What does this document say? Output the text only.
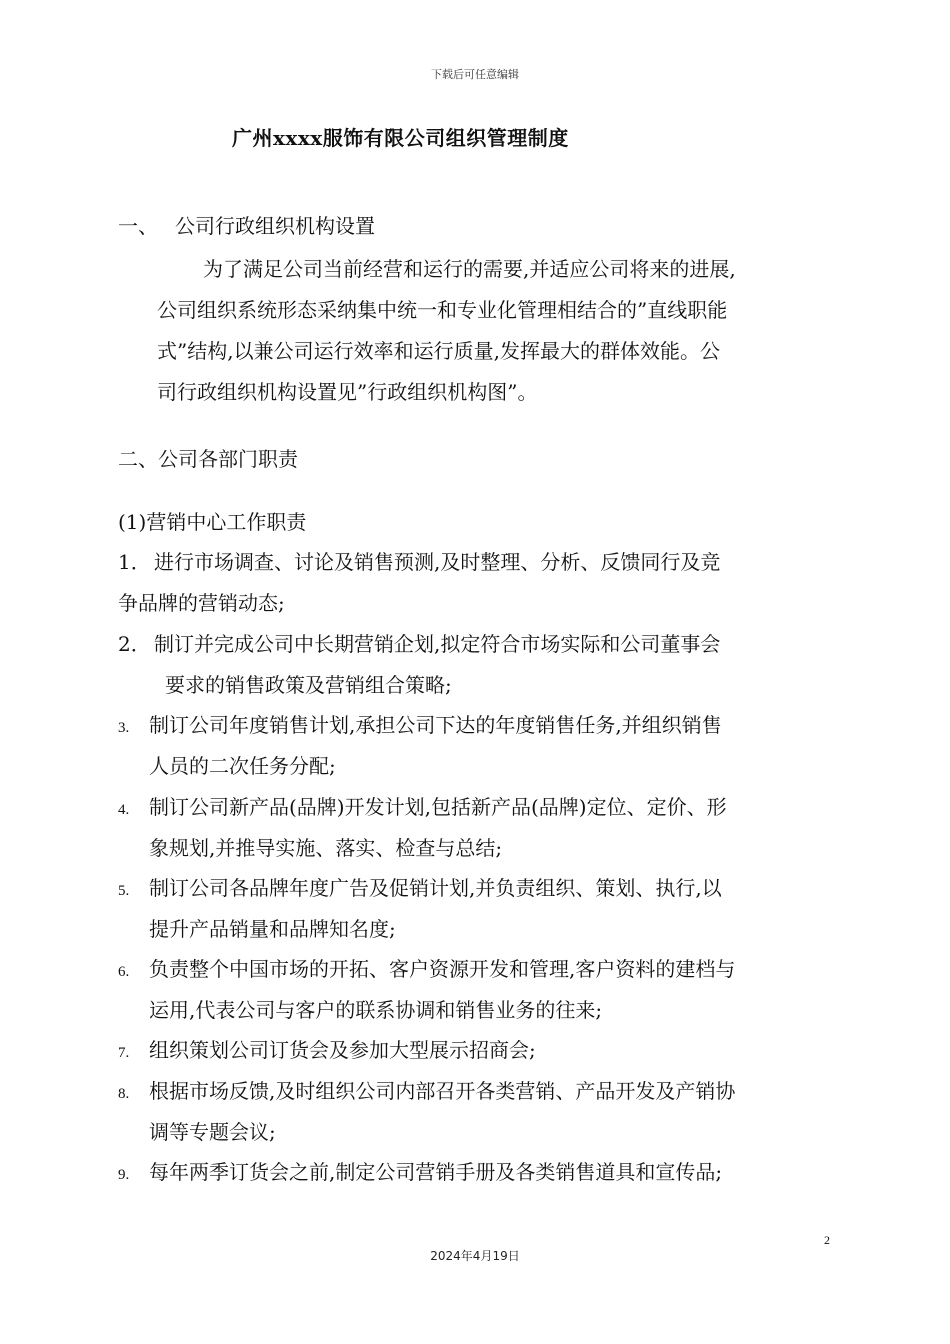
下载后可任意编辑
广州xxxx服饰有限公司组织管理制度
一、 公司行政组织机构设置
为了满足公司当前经营和运行的需要,并适应公司将来的进展,
公司组织系统形态采纳集中统一和专业化管理相结合的”直线职能
式”结构,以兼公司运行效率和运行质量,发挥最大的群体效能。公
司行政组织机构设置见”行政组织机构图”。
二、公司各部门职责
(1)营销中心工作职责
1． 进行市场调查、讨论及销售预测,及时整理、分析、反馈同行及竞
争品牌的营销动态;
2． 制订并完成公司中长期营销企划,拟定符合市场实际和公司董事会
要求的销售政策及营销组合策略;
3. 制订公司年度销售计划,承担公司下达的年度销售任务,并组织销售
人员的二次任务分配;
4. 制订公司新产品(品牌)开发计划,包括新产品(品牌)定位、定价、形
象规划,并推导实施、落实、检查与总结;
5. 制订公司各品牌年度广告及促销计划,并负责组织、策划、执行,以
提升产品销量和品牌知名度;
6. 负责整个中国市场的开拓、客户资源开发和管理,客户资料的建档与
运用,代表公司与客户的联系协调和销售业务的往来;
7. 组织策划公司订货会及参加大型展示招商会;
8. 根据市场反馈,及时组织公司内部召开各类营销、产品开发及产销协
调等专题会议;
9. 每年两季订货会之前,制定公司营销手册及各类销售道具和宣传品;
2
2024年4月19日
